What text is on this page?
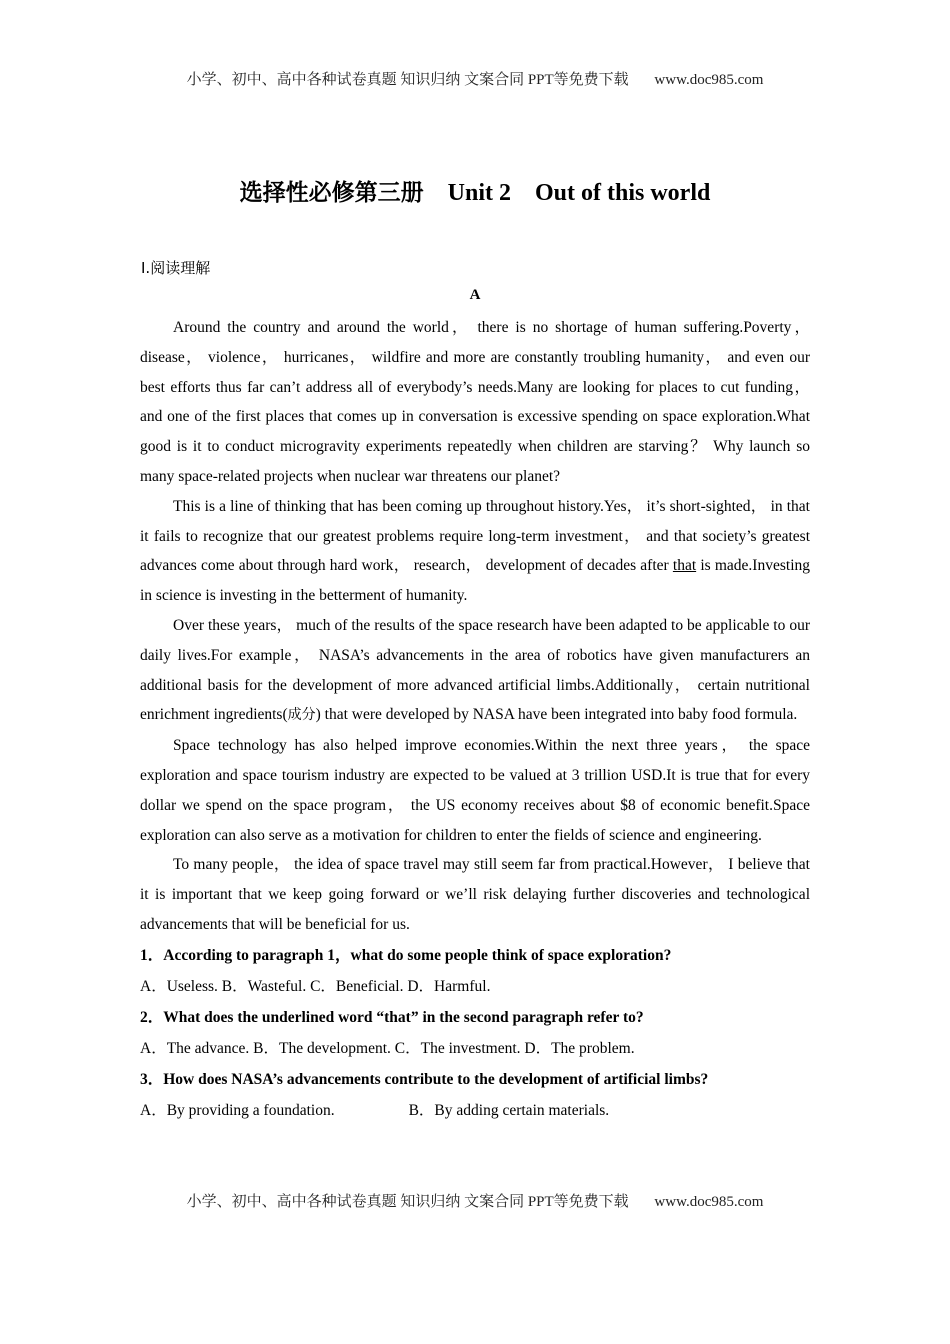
小学、初中、高中各种试卷真题 知识归纳 文案合同 PPT等免费下载 www.doc985.com
选择性必修第三册 Unit 2 Out of this world
Ⅰ.阅读理解
A

Around the country and around the world， there is no shortage of human suffering.Poverty， disease， violence， hurricanes， wildfire and more are constantly troubling humanity， and even our best efforts thus far can’t address all of everybody’s needs.Many are looking for places to cut funding， and one of the first places that comes up in conversation is excessive spending on space exploration.What good is it to conduct microgravity experiments repeatedly when children are starving？ Why launch so many space-related projects when nuclear war threatens our planet?

This is a line of thinking that has been coming up throughout history.Yes， it’s short-sighted， in that it fails to recognize that our greatest problems require long-term investment， and that society’s greatest advances come about through hard work， research， development of decades after that is made.Investing in science is investing in the betterment of humanity.

Over these years， much of the results of the space research have been adapted to be applicable to our daily lives.For example， NASA’s advancements in the area of robotics have given manufacturers an additional basis for the development of more advanced artificial limbs.Additionally， certain nutritional enrichment ingredients(成分) that were developed by NASA have been integrated into baby food formula.

Space technology has also helped improve economies.Within the next three years， the space exploration and space tourism industry are expected to be valued at 3 trillion USD.It is true that for every dollar we spend on the space program， the US economy receives about $8 of economic benefit.Space exploration can also serve as a motivation for children to enter the fields of science and engineering.

To many people， the idea of space travel may still seem far from practical.However， I believe that it is important that we keep going forward or we’ll risk delaying further discoveries and technological advancements that will be beneficial for us.

1．According to paragraph 1，what do some people think of space exploration?
A．Useless. B．Wasteful. C．Beneficial. D．Harmful.
2．What does the underlined word “that” in the second paragraph refer to?
A．The advance. B．The development. C．The investment. D．The problem.
3．How does NASA’s advancements contribute to the development of artificial limbs?
A．By providing a foundation.	B．By adding certain materials.
小学、初中、高中各种试卷真题 知识归纳 文案合同 PPT等免费下载 www.doc985.com
